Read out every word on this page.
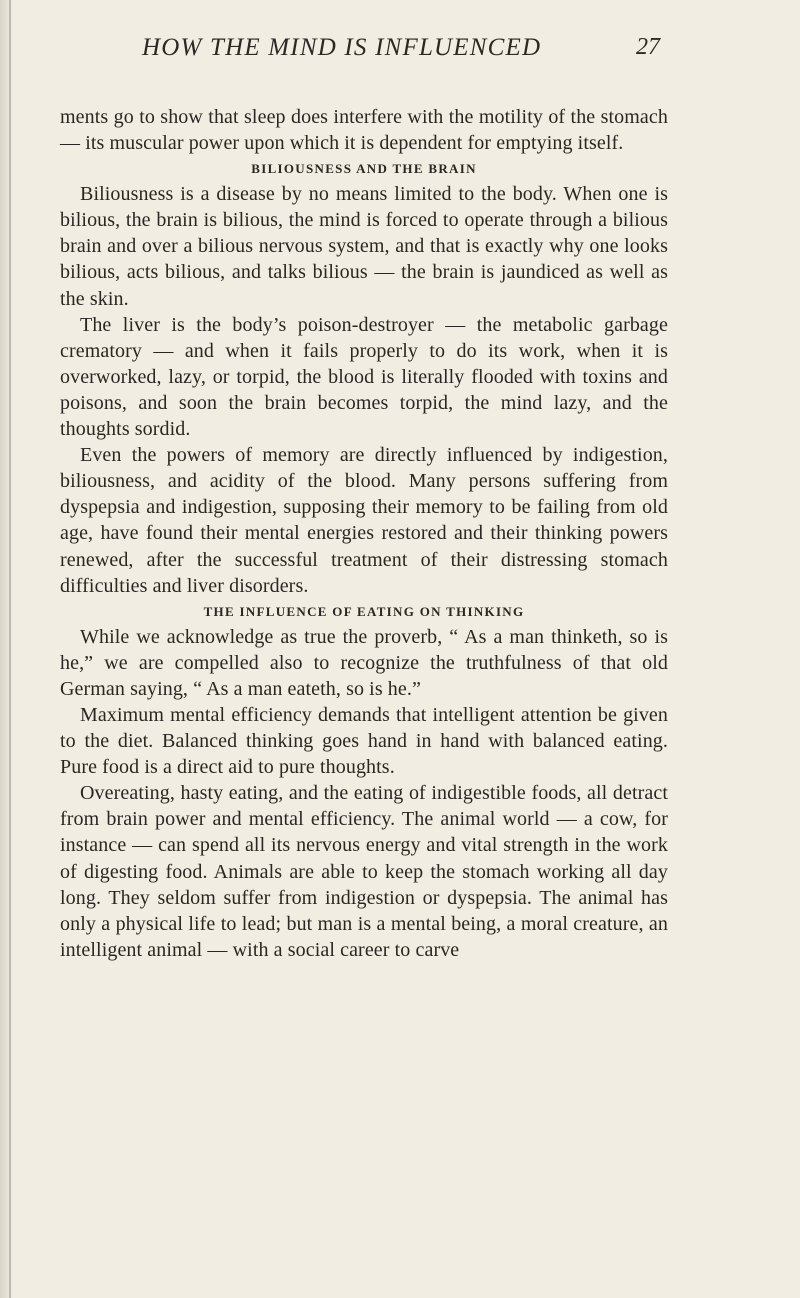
HOW THE MIND IS INFLUENCED	27

ments go to show that sleep does interfere with the motility of the stomach — its muscular power upon which it is dependent for emptying itself.

BILIOUSNESS AND THE BRAIN

Biliousness is a disease by no means limited to the body. When one is bilious, the brain is bilious, the mind is forced to operate through a bilious brain and over a bilious nervous system, and that is exactly why one looks bilious, acts bilious, and talks bilious — the brain is jaundiced as well as the skin.

The liver is the body’s poison-destroyer — the metabolic garbage crematory — and when it fails properly to do its work, when it is overworked, lazy, or torpid, the blood is literally flooded with toxins and poisons, and soon the brain becomes torpid, the mind lazy, and the thoughts sordid.

Even the powers of memory are directly influenced by indigestion, biliousness, and acidity of the blood. Many persons suffering from dyspepsia and indigestion, supposing their memory to be failing from old age, have found their mental energies restored and their thinking powers renewed, after the successful treatment of their distressing stomach difficulties and liver disorders.

THE INFLUENCE OF EATING ON THINKING

While we acknowledge as true the proverb, “ As a man thinketh, so is he,” we are compelled also to recognize the truthfulness of that old German saying, “ As a man eateth, so is he.”

Maximum mental efficiency demands that intelligent attention be given to the diet. Balanced thinking goes hand in hand with balanced eating. Pure food is a direct aid to pure thoughts.

Overeating, hasty eating, and the eating of indigestible foods, all detract from brain power and mental efficiency. The animal world — a cow, for instance — can spend all its nervous energy and vital strength in the work of digesting food. Animals are able to keep the stomach working all day long. They seldom suffer from indigestion or dyspepsia. The animal has only a physical life to lead; but man is a mental being, a moral creature, an intelligent animal — with a social career to carve
